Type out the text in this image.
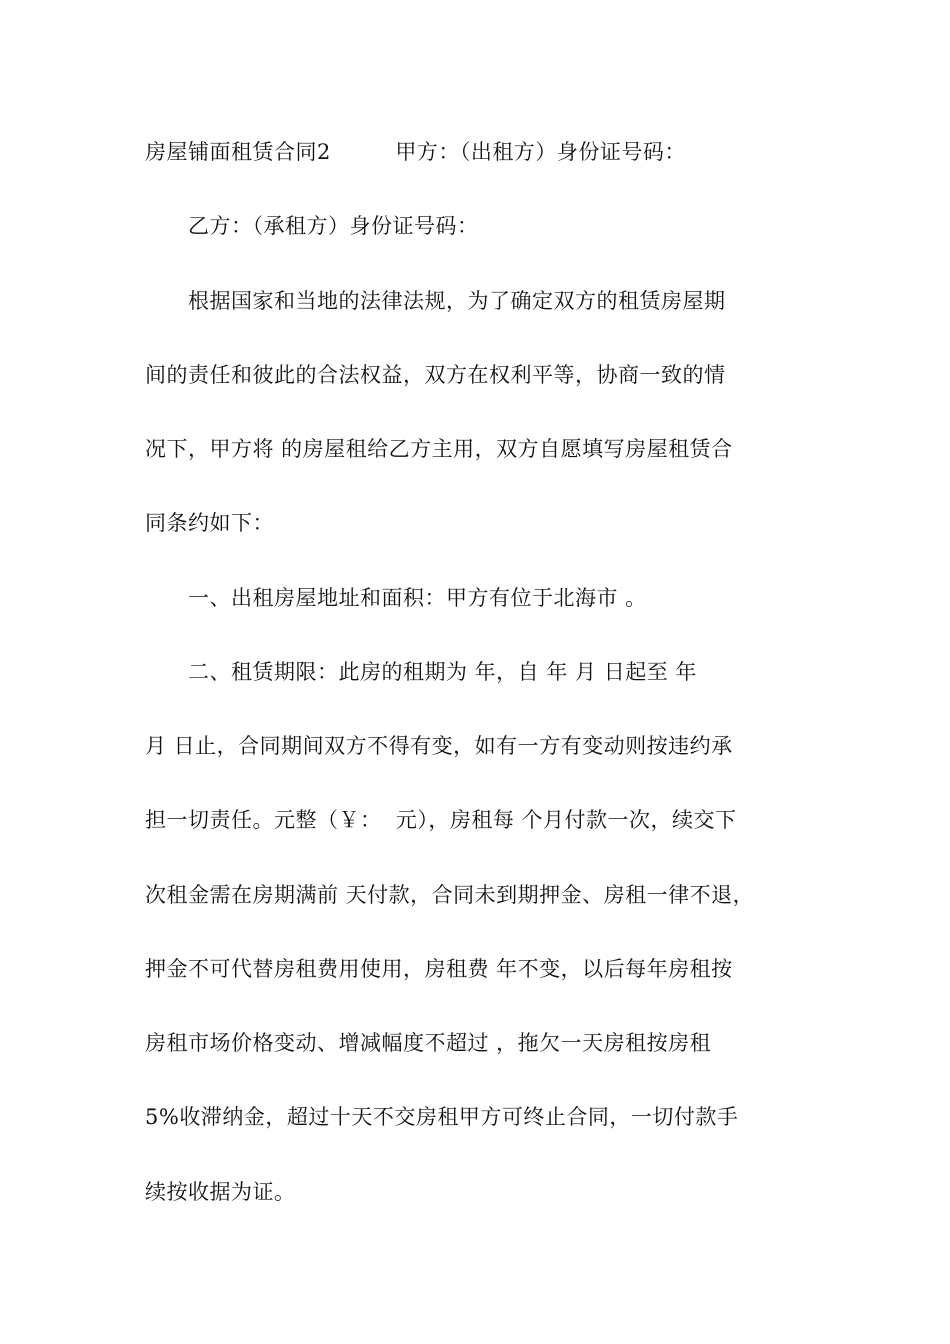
房屋铺面租赁合同2　　　甲方：（出租方）身份证号码：
　　乙方：（承租方）身份证号码：
　　根据国家和当地的法律法规，为了确定双方的租赁房屋期
间的责任和彼此的合法权益，双方在权利平等，协商一致的情
况下，甲方将 的房屋租给乙方主用，双方自愿填写房屋租赁合
同条约如下：
　　一、出租房屋地址和面积：甲方有位于北海市 。
　　二、租赁期限：此房的租期为 年，自 年 月 日起至 年
月 日止，合同期间双方不得有变，如有一方有变动则按违约承
担一切责任。元整（￥：  元），房租每 个月付款一次，续交下
次租金需在房期满前 天付款，合同未到期押金、房租一律不退，
押金不可代替房租费用使用，房租费 年不变，以后每年房租按
房租市场价格变动、增减幅度不超过 ，拖欠一天房租按房租
5%收滞纳金，超过十天不交房租甲方可终止合同，一切付款手
续按收据为证。
